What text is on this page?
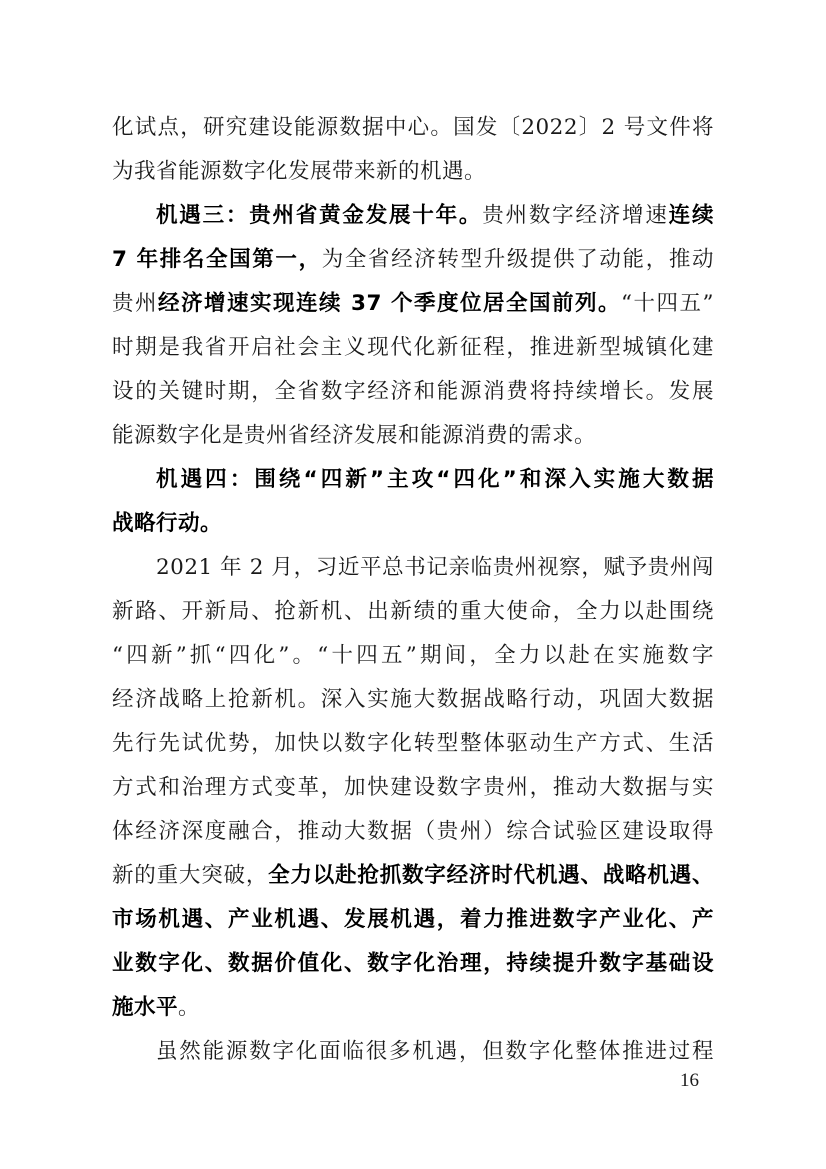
化试点，研究建设能源数据中心。国发〔2022〕2 号文件将
为我省能源数字化发展带来新的机遇。
机遇三：贵州省黄金发展十年。贵州数字经济增速连续
7 年排名全国第一，为全省经济转型升级提供了动能，推动
贵州经济增速实现连续 37 个季度位居全国前列。“十四五”
时期是我省开启社会主义现代化新征程，推进新型城镇化建
设的关键时期，全省数字经济和能源消费将持续增长。发展
能源数字化是贵州省经济发展和能源消费的需求。
机遇四：围绕“四新”主攻“四化”和深入实施大数据
战略行动。
2021 年 2 月，习近平总书记亲临贵州视察，赋予贵州闯
新路、开新局、抢新机、出新绩的重大使命，全力以赴围绕
“四新”抓“四化”。“十四五”期间，全力以赴在实施数字
经济战略上抢新机。深入实施大数据战略行动，巩固大数据
先行先试优势，加快以数字化转型整体驱动生产方式、生活
方式和治理方式变革，加快建设数字贵州，推动大数据与实
体经济深度融合，推动大数据（贵州）综合试验区建设取得
新的重大突破，全力以赴抢抓数字经济时代机遇、战略机遇、
市场机遇、产业机遇、发展机遇，着力推进数字产业化、产
业数字化、数据价值化、数字化治理，持续提升数字基础设
施水平。
虽然能源数字化面临很多机遇，但数字化整体推进过程
16
